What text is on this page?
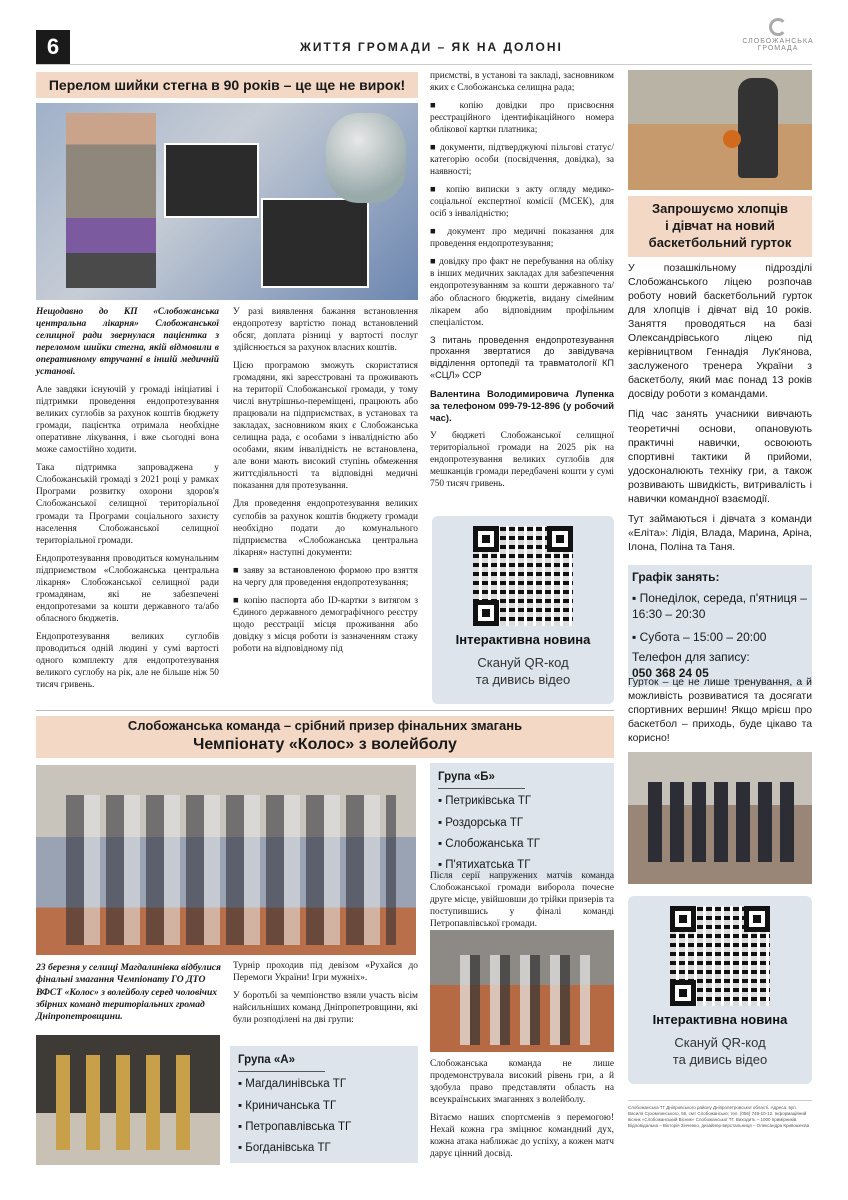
6	ЖИТТЯ ГРОМАДИ – ЯК НА ДОЛОНІ	СЛОБОЖАНСЬКА
ГРОМАДА
Перелом шийки стегна в 90 років – це ще не вирок!

Нещодавно до КП «Слобожанська центральна лікарня» Слобожанської селищної ради звернулася пацієнтка з переломом шийки стегна, якій відмовили в оперативному втручанні в іншій медичній установі.

Але завдяки існуючій у громаді ініціативі і підтримки проведення ендопротезування великих суглобів за рахунок коштів бюджету громади, пацієнтка отримала необхідне оперативне лікування, і вже сьогодні вона може самостійно ходити.

Така підтримка запроваджена у Слобожанській громаді з 2021 році у рамках Програми розвитку охорони здоров'я Слобожанської селищної територіальної громади та Програми соціального захисту населення Слобожанської селищної територіальної громади.

Ендопротезування проводиться комунальним підприємством «Слобожанська центральна лікарня» Слобожанської селищної ради громадянам, які не забезпечені ендопротезами за кошти державного та/або обласного бюджетів.

Ендопротезування великих суглобів проводиться одній людині у сумі вартості одного комплекту для ендопротезування великого суглобу на рік, але не більше ніж 50 тисяч гривень.

У разі виявлення бажання встановлення ендопротезу вартістю понад встановлений обсяг, доплата різниці у вартості послуг здійснюється за рахунок власних коштів.

Цією програмою зможуть скористатися громадяни, які зареєстровані та проживають на території Слобожанської громади, у тому числі внутрішньо-переміщені, працюють або працювали на підприємствах, в установах та закладах, засновником яких є Слобожанська селищна рада, є особами з інвалідністю або особами, яким інвалідність не встановлена, але вони мають високий ступінь обмеження життєдіяльності та відповідні медичні показання для протезування.

Для проведення ендопротезування великих суглобів за рахунок коштів бюджету громади необхідно подати до комунального підприємства «Слобожанська центральна лікарня» наступні документи:

■ заяву за встановленою формою про взяття на чергу для проведення ендопротезування;

■ копію паспорта або ID-картки з витягом з Єдиного державного демографічного реєстру щодо реєстрації місця проживання або довідку з місця роботи із зазначенням стажу роботи на відповідному під

приємстві, в установі та закладі, засновником яких є Слобожанська селищна рада;

■ копію довідки про присвоєння реєстраційного ідентифікаційного номера облікової картки платника;

■ документи, підтверджуючі пільгові статус/категорію особи (посвідчення, довідка), за наявності;

■ копію виписки з акту огляду медико-соціальної експертної комісії (МСЕК), для осіб з інвалідністю;

■ документ про медичні показання для проведення ендопротезування;

■ довідку про факт не перебування на обліку в інших медичних закладах для забезпечення ендопротезуванням за кошти державного та/або обласного бюджетів, видану сімейним лікарем або відповідним профільним спеціалістом.

З питань проведення ендопротезування прохання звертатися до завідувача відділення ортопедії та травматології КП «СЦЛ» ССР

Валентина Володимировича Лупенка за телефоном 099-79-12-896 (у робочий час).

У бюджеті Слобожанської селищної територіальної громади на 2025 рік на ендопротезування великих суглобів для мешканців громади передбачені кошти у сумі 750 тисяч гривень.

Інтерактивна новина
Скануй QR-код
та дивись відео
Запрошуємо хлопців
і дівчат на новий
баскетбольний гурток

У позашкільному підрозділі Слобожанського ліцею розпочав роботу новий баскетбольний гурток для хлопців і дівчат від 10 років. Заняття проводяться на базі Олександрівського ліцею під керівництвом Геннадія Лук'янова, заслуженого тренера України з баскетболу, який має понад 13 років досвіду роботи з командами.

Під час занять учасники вивчають теоретичні основи, опановують практичні навички, освоюють спортивні тактики й прийоми, удосконалюють техніку гри, а також розвивають швидкість, витривалість і навички командної взаємодії.

Тут займаються і дівчата з команди «Еліта»: Лідія, Влада, Марина, Аріна, Ілона, Поліна та Таня.

Графік занять:
▪ Понеділок, середа, п'ятниця – 16:30 – 20:30
▪ Субота – 15:00 – 20:00
Телефон для запису:
050 368 24 05

Гурток – це не лише тренування, а й можливість розвиватися та досягати спортивних вершин! Якщо мрієш про баскетбол – приходь, буде цікаво та корисно!

Інтерактивна новина
Скануй QR-код
та дивись відео
Слобожанська ТГ Дніпровського району Дніпропетровської області. Адреса: вул. Василя Сухомлинського, 56, смт Слобожанське; тел. (056) 749-10-12. Інформаційний вісник «Слобожанський Вісник» Слобожанської ТГ. Виходить – 1000 примірників. Відповідальна – Вікторія Зінченко, дизайнер-верстальниця – Олександра Кривошеєва
Слобожанська команда – срібний призер фінальних змагань
Чемпіонату «Колос» з волейболу
23 березня у селищі Магдалинівка відбулися фінальні змагання Чемпіонату ГО ДТО ВФСТ «Колос» з волейболу серед чоловічих збірних команд територіальних громад Дніпропетровщини.

Турнір проходив під девізом «Рухайся до Перемоги України! Ігри мужніх».

У боротьбі за чемпіонство взяли участь вісім найсильніших команд Дніпропетровщини, які були розподілені на дві групи:

Група «А»
▪ Магдалинівська ТГ
▪ Криничанська ТГ
▪ Петропавлівська ТГ
▪ Богданівська ТГ
Група «Б»
▪ Петриківська ТГ
▪ Роздорська ТГ
▪ Слобожанська ТГ
▪ П'ятихатська ТГ

Після серії напружених матчів команда Слобожанської громади виборола почесне друге місце, увійшовши до трійки призерів та поступившись у фіналі команді Петропавлівської громади.

Слобожанська команда не лише продемонструвала високий рівень гри, а й здобула право представляти область на всеукраїнських змаганнях з волейболу.

Вітаємо наших спортсменів з перемогою! Нехай кожна гра зміцнює командний дух, кожна атака наближає до успіху, а кожен матч дарує цінний досвід.
